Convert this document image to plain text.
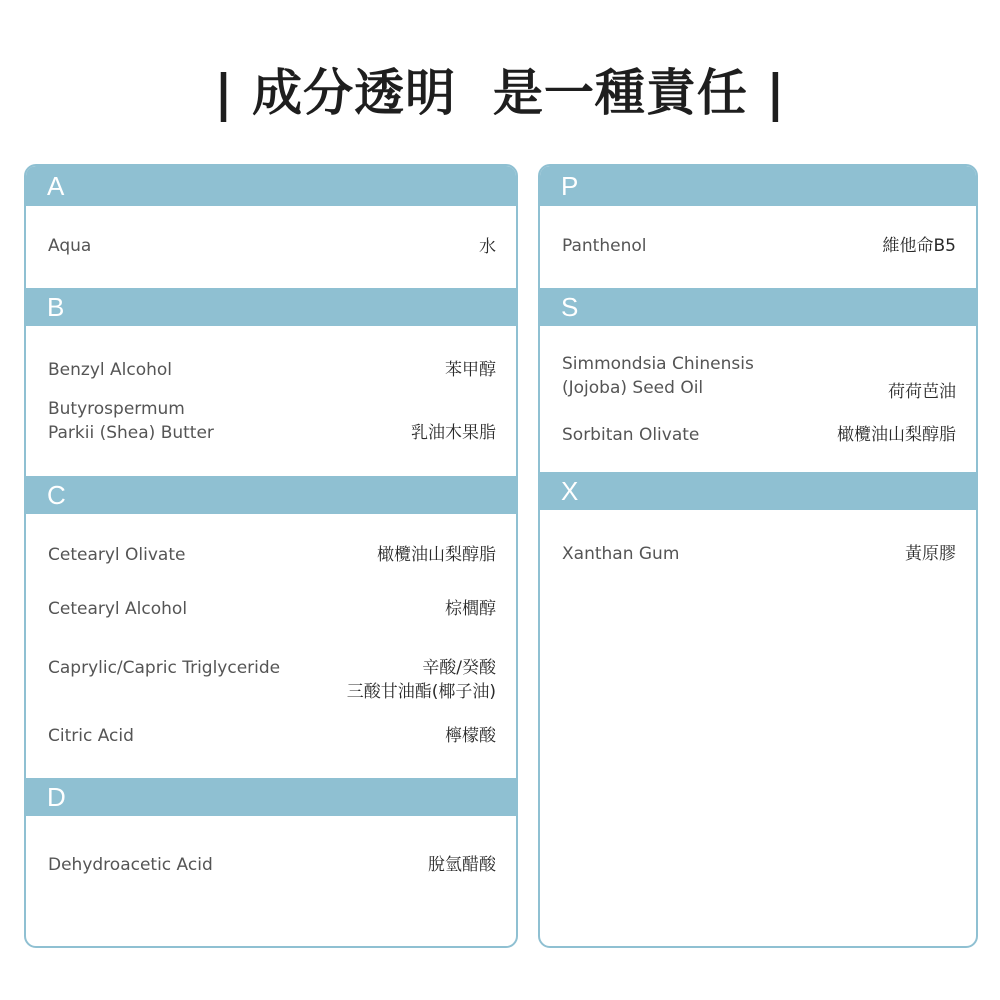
| 成分透明  是一種責任 |
A
Aqua	水
B
Benzyl Alcohol	苯甲醇
Butyrospermum
Parkii (Shea) Butter	乳油木果脂
C
Cetearyl Olivate	橄欖油山梨醇脂
Cetearyl Alcohol	棕櫚醇
Caprylic/Capric Triglyceride	辛酸/癸酸
三酸甘油酯(椰子油)
Citric Acid	檸檬酸
D
Dehydroacetic Acid	脫氫醋酸
P
Panthenol	維他命B5
S
Simmondsia Chinensis
(Jojoba) Seed Oil	荷荷芭油
Sorbitan Olivate	橄欖油山梨醇脂
X
Xanthan Gum	黃原膠
